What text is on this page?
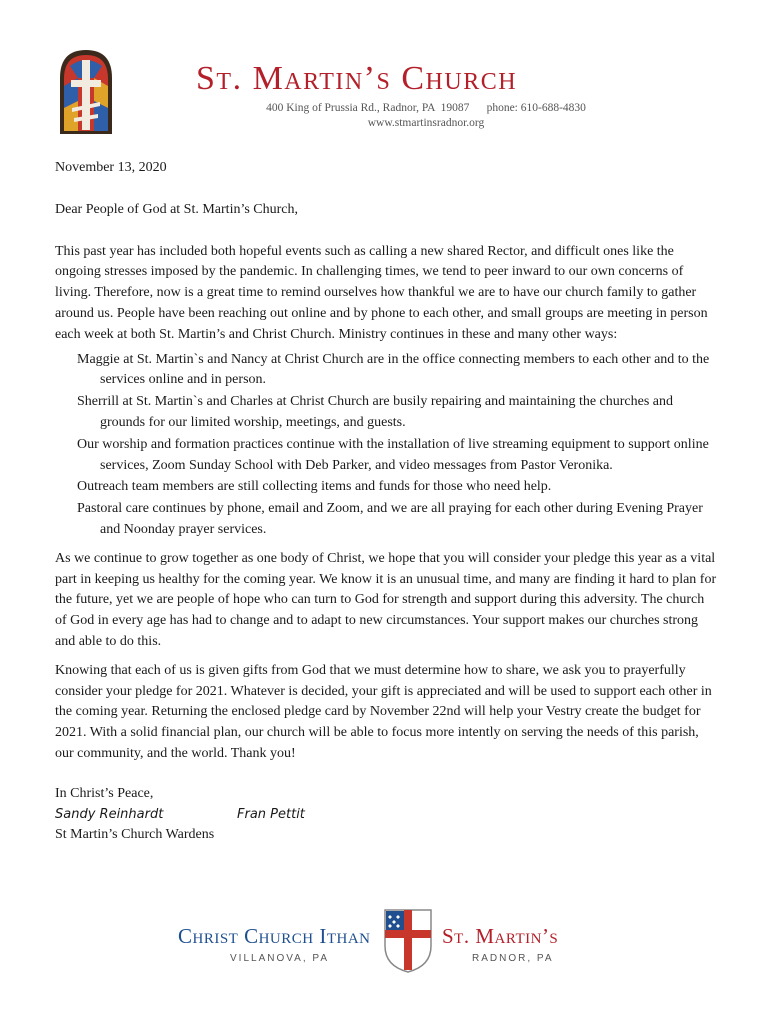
St. Martin’s Church
400 King of Prussia Rd., Radnor, PA  19087      phone: 610-688-4830
www.stmartinsradnor.org

November 13, 2020

Dear People of God at St. Martin’s Church,

This past year has included both hopeful events such as calling a new shared Rector, and difficult ones like the ongoing stresses imposed by the pandemic. In challenging times, we tend to peer inward to our own concerns of living. Therefore, now is a great time to remind ourselves how thankful we are to have our church family to gather around us. People have been reaching out online and by phone to each other, and small groups are meeting in person each week at both St. Martin’s and Christ Church. Ministry continues in these and many other ways:

Maggie at St. Martin`s and Nancy at Christ Church are in the office connecting members to each other and to the services online and in person.
Sherrill at St. Martin`s and Charles at Christ Church are busily repairing and maintaining the churches and grounds for our limited worship, meetings, and guests.
Our worship and formation practices continue with the installation of live streaming equipment to support online services, Zoom Sunday School with Deb Parker, and video messages from Pastor Veronika.
Outreach team members are still collecting items and funds for those who need help.
Pastoral care continues by phone, email and Zoom, and we are all praying for each other during Evening Prayer and Noonday prayer services.

As we continue to grow together as one body of Christ, we hope that you will consider your pledge this year as a vital part in keeping us healthy for the coming year. We know it is an unusual time, and many are finding it hard to plan for the future, yet we are people of hope who can turn to God for strength and support during this adversity. The church of God in every age has had to change and to adapt to new circumstances. Your support makes our churches strong and able to do this.

Knowing that each of us is given gifts from God that we must determine how to share, we ask you to prayerfully consider your pledge for 2021. Whatever is decided, your gift is appreciated and will be used to support each other in the coming year. Returning the enclosed pledge card by November 22nd will help your Vestry create the budget for 2021. With a solid financial plan, our church will be able to focus more intently on serving the needs of this parish, our community, and the world. Thank you!

In Christ’s Peace,

Sandy Reinhardt	Fran Pettit

St Martin’s Church Wardens

Christ Church Ithan
VILLANOVA, PA
St. Martin’s
RADNOR, PA
